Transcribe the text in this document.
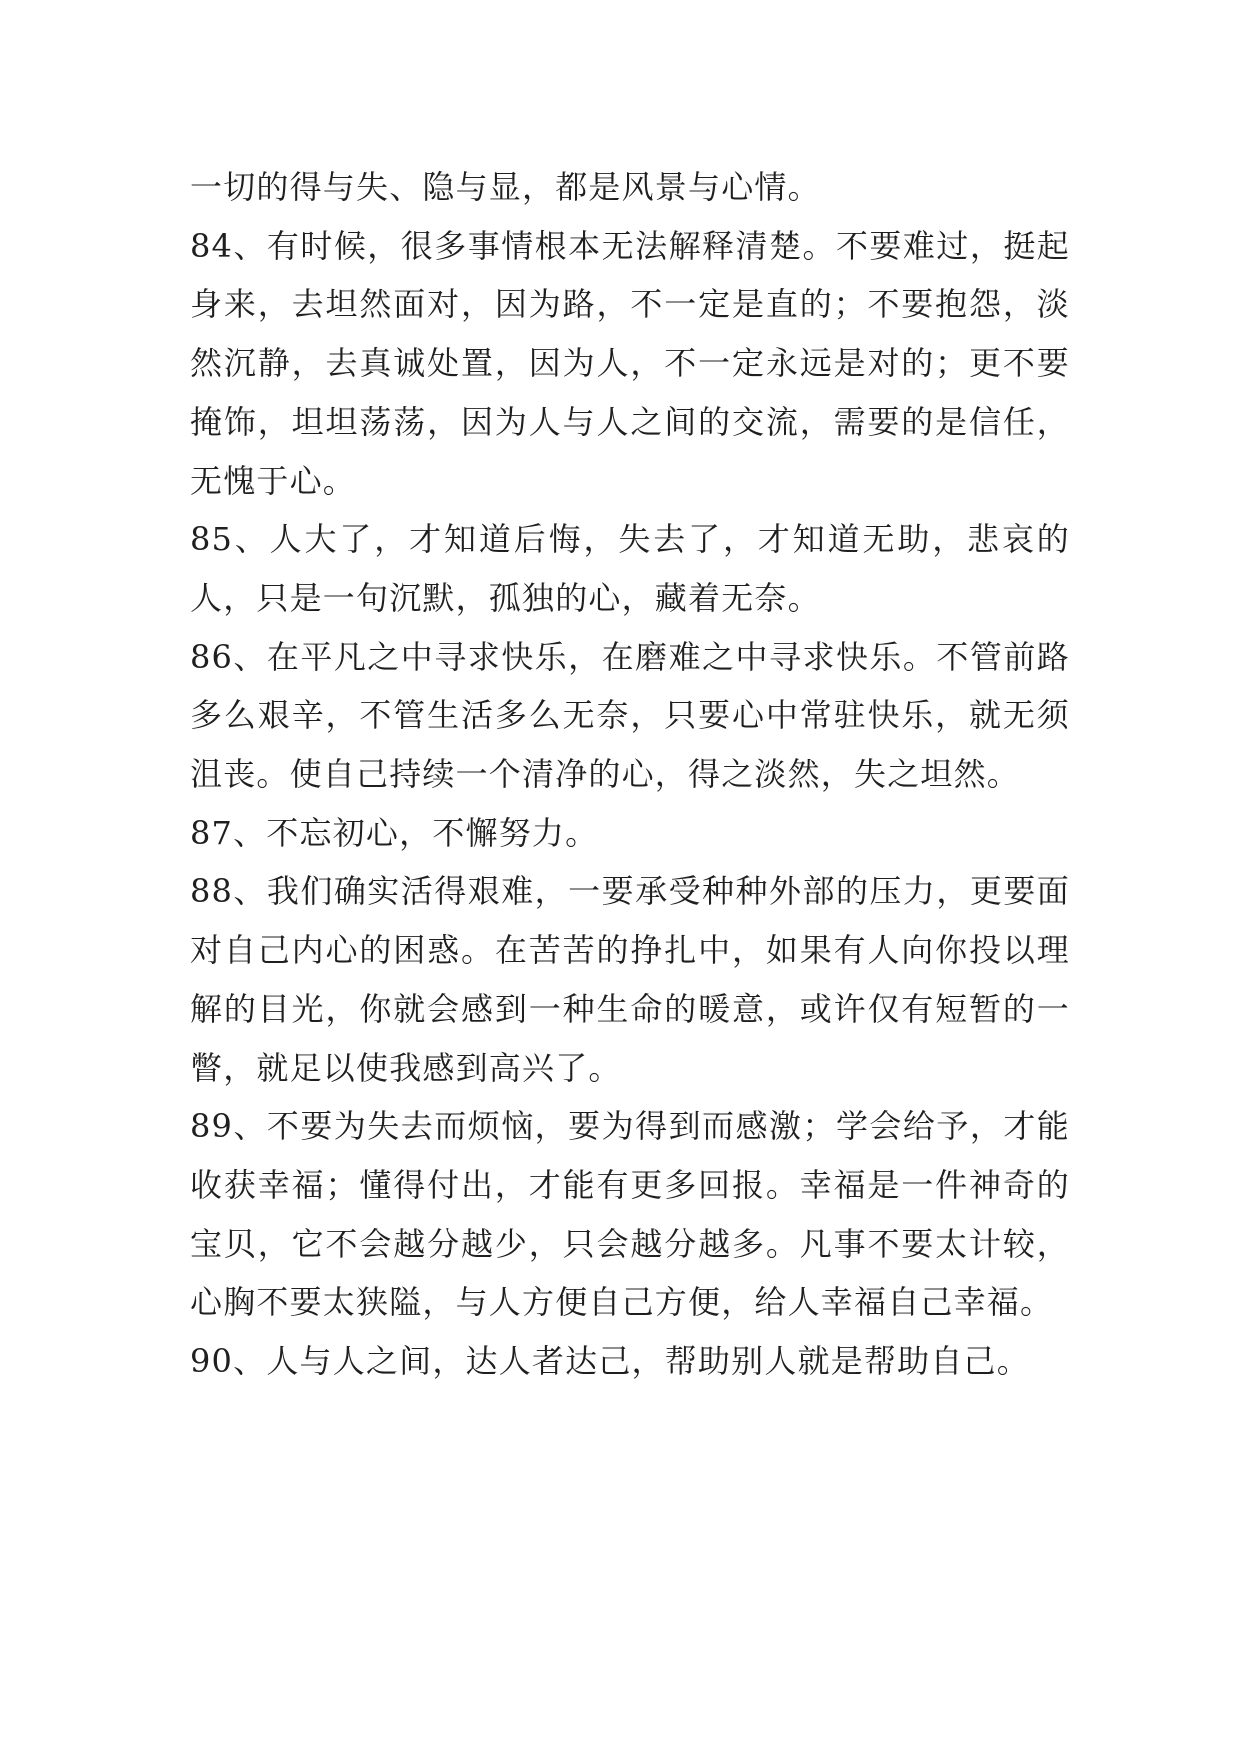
一切的得与失、隐与显，都是风景与心情。

84、有时候，很多事情根本无法解释清楚。不要难过，挺起身来，去坦然面对，因为路，不一定是直的；不要抱怨，淡然沉静，去真诚处置，因为人，不一定永远是对的；更不要掩饰，坦坦荡荡，因为人与人之间的交流，需要的是信任，无愧于心。

85、人大了，才知道后悔，失去了，才知道无助，悲哀的人，只是一句沉默，孤独的心，藏着无奈。

86、在平凡之中寻求快乐，在磨难之中寻求快乐。不管前路多么艰辛，不管生活多么无奈，只要心中常驻快乐，就无须沮丧。使自己持续一个清净的心，得之淡然，失之坦然。

87、不忘初心，不懈努力。

88、我们确实活得艰难，一要承受种种外部的压力，更要面对自己内心的困惑。在苦苦的挣扎中，如果有人向你投以理解的目光，你就会感到一种生命的暖意，或许仅有短暂的一瞥，就足以使我感到高兴了。

89、不要为失去而烦恼，要为得到而感激；学会给予，才能收获幸福；懂得付出，才能有更多回报。幸福是一件神奇的宝贝，它不会越分越少，只会越分越多。凡事不要太计较，心胸不要太狭隘，与人方便自己方便，给人幸福自己幸福。

90、人与人之间，达人者达己，帮助别人就是帮助自己。
